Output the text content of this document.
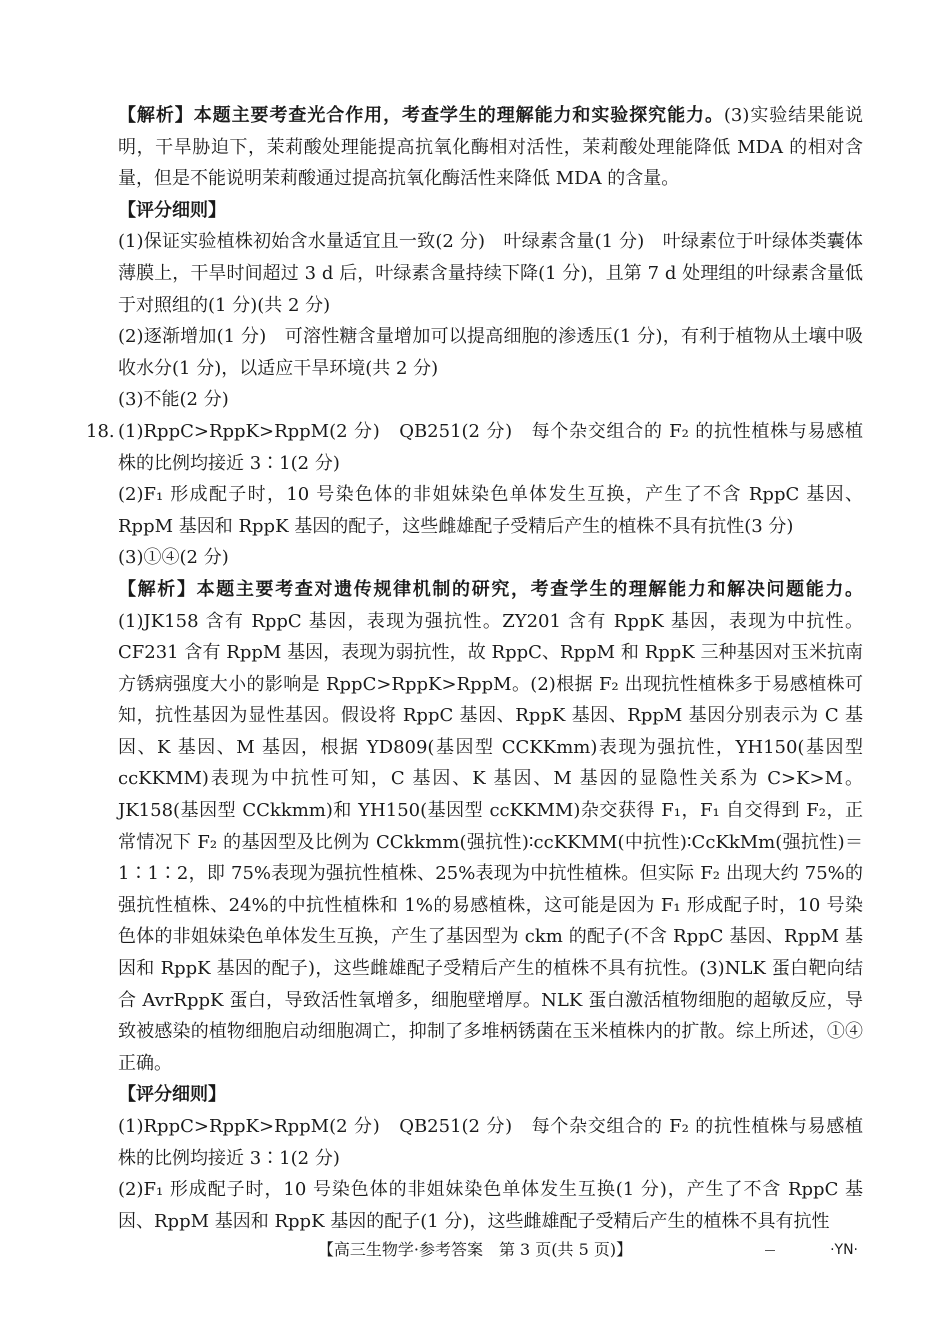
【解析】本题主要考查光合作用，考查学生的理解能力和实验探究能力。(3)实验结果能说明，干旱胁迫下，茉莉酸处理能提高抗氧化酶相对活性，茉莉酸处理能降低 MDA 的相对含量，但是不能说明茉莉酸通过提高抗氧化酶活性来降低 MDA 的含量。

【评分细则】

(1)保证实验植株初始含水量适宜且一致(2 分)　叶绿素含量(1 分)　叶绿素位于叶绿体类囊体薄膜上，干旱时间超过 3 d 后，叶绿素含量持续下降(1 分)，且第 7 d 处理组的叶绿素含量低于对照组的(1 分)(共 2 分)

(2)逐渐增加(1 分)　可溶性糖含量增加可以提高细胞的渗透压(1 分)，有利于植物从土壤中吸收水分(1 分)，以适应干旱环境(共 2 分)

(3)不能(2 分)

18. (1)RppC>RppK>RppM(2 分)　QB251(2 分)　每个杂交组合的 F₂ 的抗性植株与易感植株的比例均接近 3∶1(2 分)

(2)F₁ 形成配子时，10 号染色体的非姐妹染色单体发生互换，产生了不含 RppC 基因、RppM 基因和 RppK 基因的配子，这些雌雄配子受精后产生的植株不具有抗性(3 分)

(3)①④(2 分)

【解析】本题主要考查对遗传规律机制的研究，考查学生的理解能力和解决问题能力。(1)JK158 含有 RppC 基因，表现为强抗性。ZY201 含有 RppK 基因，表现为中抗性。CF231 含有 RppM 基因，表现为弱抗性，故 RppC、RppM 和 RppK 三种基因对玉米抗南方锈病强度大小的影响是 RppC>RppK>RppM。(2)根据 F₂ 出现抗性植株多于易感植株可知，抗性基因为显性基因。假设将 RppC 基因、RppK 基因、RppM 基因分别表示为 C 基因、K 基因、M 基因，根据 YD809(基因型 CCKKmm)表现为强抗性，YH150(基因型 ccKKMM)表现为中抗性可知，C 基因、K 基因、M 基因的显隐性关系为 C>K>M。JK158(基因型 CCkkmm)和 YH150(基因型 ccKKMM)杂交获得 F₁，F₁ 自交得到 F₂，正常情况下 F₂ 的基因型及比例为 CCkkmm(强抗性)∶ccKKMM(中抗性)∶CcKkMm(强抗性)＝1∶1∶2，即 75%表现为强抗性植株、25%表现为中抗性植株。但实际 F₂ 出现大约 75%的强抗性植株、24%的中抗性植株和 1%的易感植株，这可能是因为 F₁ 形成配子时，10 号染色体的非姐妹染色单体发生互换，产生了基因型为 ckm 的配子(不含 RppC 基因、RppM 基因和 RppK 基因的配子)，这些雌雄配子受精后产生的植株不具有抗性。(3)NLK 蛋白靶向结合 AvrRppK 蛋白，导致活性氧增多，细胞壁增厚。NLK 蛋白激活植物细胞的超敏反应，导致被感染的植物细胞启动细胞凋亡，抑制了多堆柄锈菌在玉米植株内的扩散。综上所述，①④正确。

【评分细则】

(1)RppC>RppK>RppM(2 分)　QB251(2 分)　每个杂交组合的 F₂ 的抗性植株与易感植株的比例均接近 3∶1(2 分)

(2)F₁ 形成配子时，10 号染色体的非姐妹染色单体发生互换(1 分)，产生了不含 RppC 基因、RppM 基因和 RppK 基因的配子(1 分)，这些雌雄配子受精后产生的植株不具有抗性

【高三生物学·参考答案　第 3 页(共 5 页)】	·YN·
